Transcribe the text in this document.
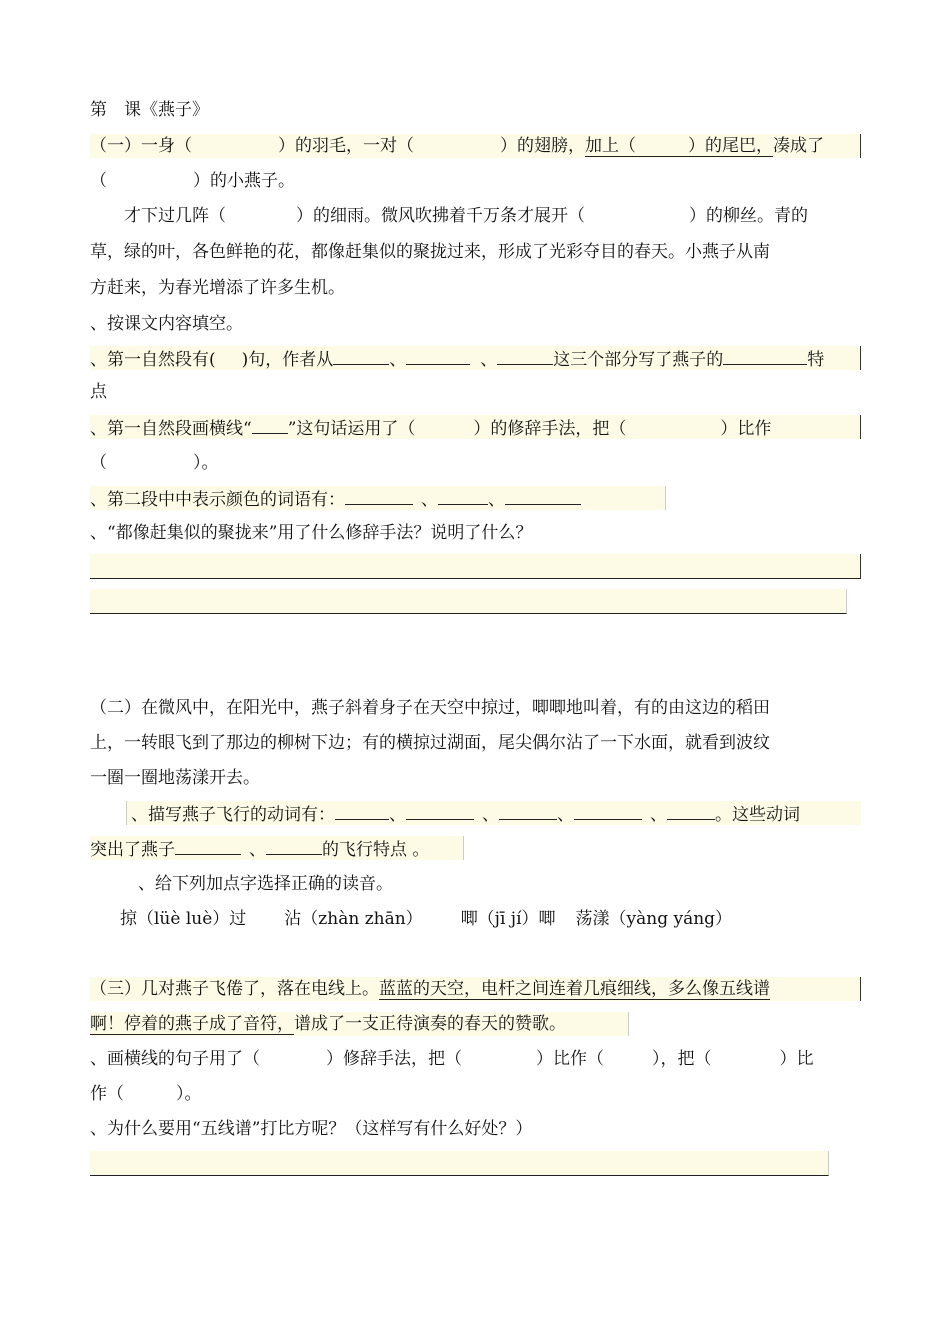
第　课《燕子》
（一）一身（	）的羽毛，一对（	）的翅膀，加上（	）的尾巴，凑成了
（	）的小燕子。
才下过几阵（	）的细雨。微风吹拂着千万条才展开（	）的柳丝。青的
草，绿的叶，各色鲜艳的花，都像赶集似的聚拢过来，形成了光彩夺目的春天。小燕子从南
方赶来，为春光增添了许多生机。
、按课文内容填空。
、第一自然段有( )句，作者从	、	、	这三个部分写了燕子的	特
点
、第一自然段画横线“ ”这句话运用了（	）的修辞手法，把（	）比作
（	）。
、第二段中中表示颜色的词语有：	、	、
、“都像赶集似的聚拢来”用了什么修辞手法？说明了什么？
（二）在微风中，在阳光中，燕子斜着身子在天空中掠过，唧唧地叫着，有的由这边的稻田
上，一转眼飞到了那边的柳树下边；有的横掠过湖面，尾尖偶尔沾了一下水面，就看到波纹
一圈一圈地荡漾开去。
、描写燕子飞行的动词有：	、	、	、	、	。这些动词
突出了燕子	、	的飞行特点 。
、给下列加点字选择正确的读音。
掠（lüè luè）过 沾（zhàn zhān） 唧（jī jí）唧 荡漾（yàng yáng）
（三）几对燕子飞倦了，落在电线上。蓝蓝的天空，电杆之间连着几痕细线，多么像五线谱
啊！停着的燕子成了音符，谱成了一支正待演奏的春天的赞歌。
、画横线的句子用了（	）修辞手法，把（	）比作（	），把（	）比
作（	）。
、为什么要用“五线谱”打比方呢？（这样写有什么好处？）
